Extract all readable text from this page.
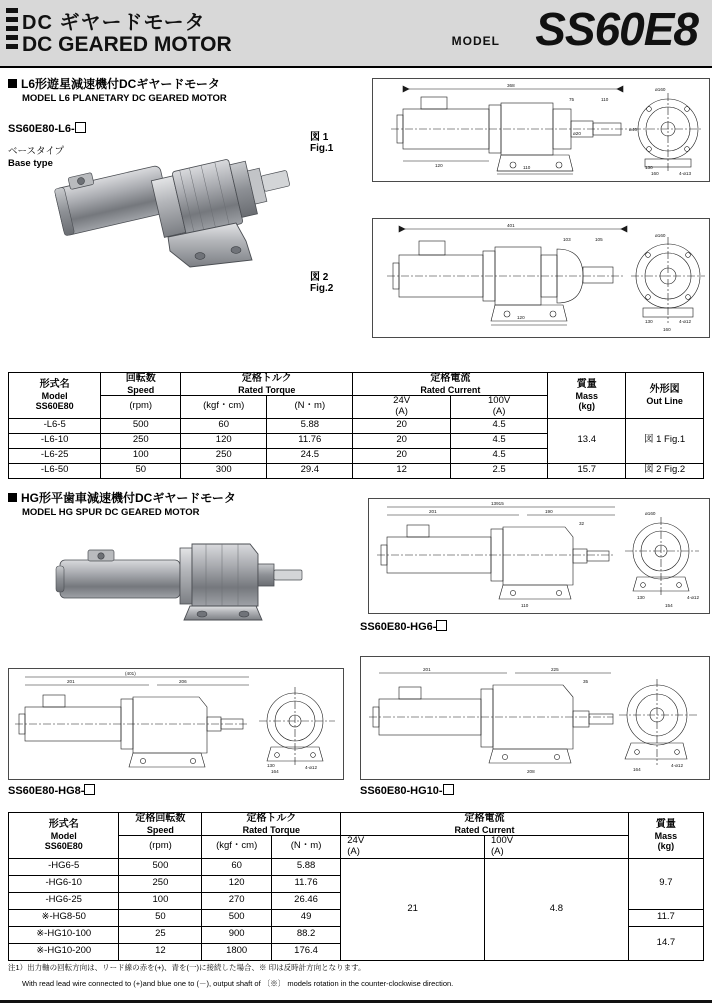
DC ギヤードモータ
DC GEARED MOTOR	MODEL SS60E8
L6形遊星減速機付DCギヤードモータ
MODEL L6 PLANETARY DC GEARED MOTOR
SS60E80-L6-
ベースタイプ
Base type
図 1
Fig.1
図 2
Fig.2
368
75	110
ø160
ø46
ø20
120	110
160
130
4-ø13
401
103	105
ø160
120
130
160
4-ø12
形式名
Model
SS60E80

回転数
Speed

定格トルク
Rated Torque

定格電流
Rated Current	質量
Mass
(kg)

外形図
Out Line

	(rpm)	(kgf・cm)	(N・m)	24V
(A)	100V
(A)		
-L6-5	500	60	5.88	20	4.5	13.4	図 1 Fig.1
-L6-10	250	120	11.76	20	4.5		
-L6-25	100	250	24.5	20	4.5		
-L6-50	50	300	29.4	12	2.5	15.7	図 2 Fig.2
HG形平歯車減速機付DCギヤードモータ
MODEL HG SPUR DC GEARED MOTOR	201
13915
190
32
ø160
110
130
154
4-ø12
SS60E80-HG6-
(401)
201	206
164
4-ø12
130
SS60E80-HG8-
201	225
35
208	164
4-ø12
SS60E80-HG10-
形式名
Model
SS60E80

定格回転数
Speed

定格トルク
Rated Torque

定格電流
Rated Current	質量
Mass
(kg)

	(rpm)	(kgf・cm)	(N・m)	24V
(A)	100V
(A)	
-HG6-5	500	60	5.88	21	4.8	9.7
-HG6-10	250	120	11.76			
-HG6-25	100	270	26.46			
※-HG8-50	50	500	49			11.7
※-HG10-100	25	900	88.2			14.7
※-HG10-200	12	1800	176.4			
注1）出力軸の回転方向は、リード線の赤を(+)、青を(一)に接続した場合、※ 印は反時計方向となります。
With read lead wire connected to (+)and blue one to (－), output shaft of 〔※〕 models rotation in the counter-clockwise direction.
